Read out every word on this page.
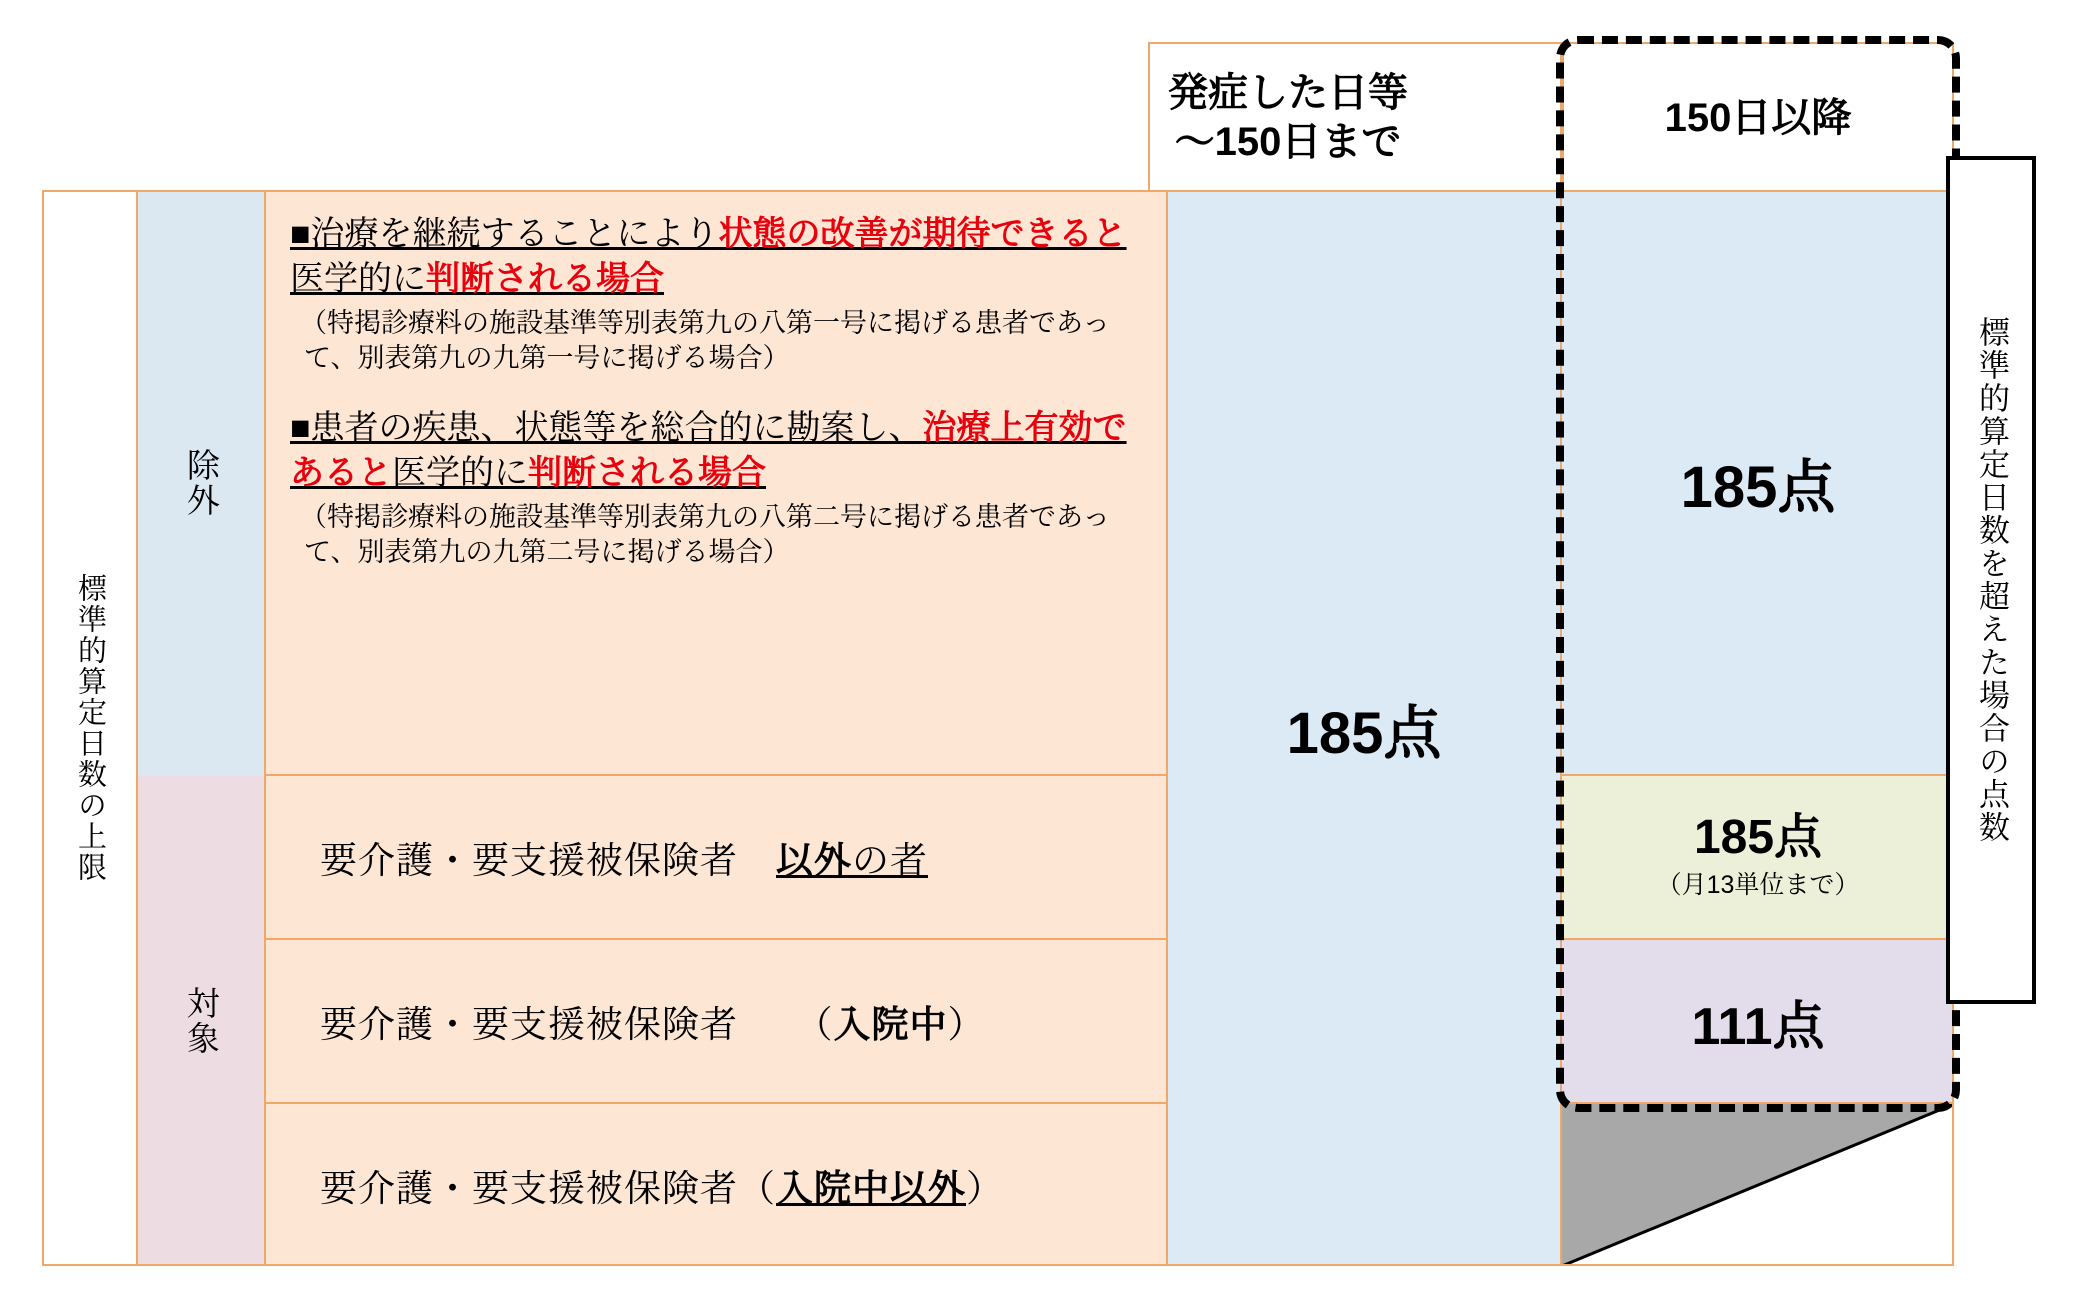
発症した日等
～150日まで
150日以降
標準的算定日数の上限
除外
対象
■治療を継続することにより状態の改善が期待できると医学的に判断される場合
（特掲診療料の施設基準等別表第九の八第一号に掲げる患者であって、別表第九の九第一号に掲げる場合）
■患者の疾患、状態等を総合的に勘案し、治療上有効であると医学的に判断される場合
（特掲診療料の施設基準等別表第九の八第二号に掲げる患者であって、別表第九の九第二号に掲げる場合）
要介護・要支援被保険者　 以外 の者
要介護・要支援被保険者　　（ 入院中 ）
要介護・要支援被保険者（ 入院中以外 ）
185点
185点
185点
（月13単位まで）
111点
標準的算定日数を超えた場合の点数
